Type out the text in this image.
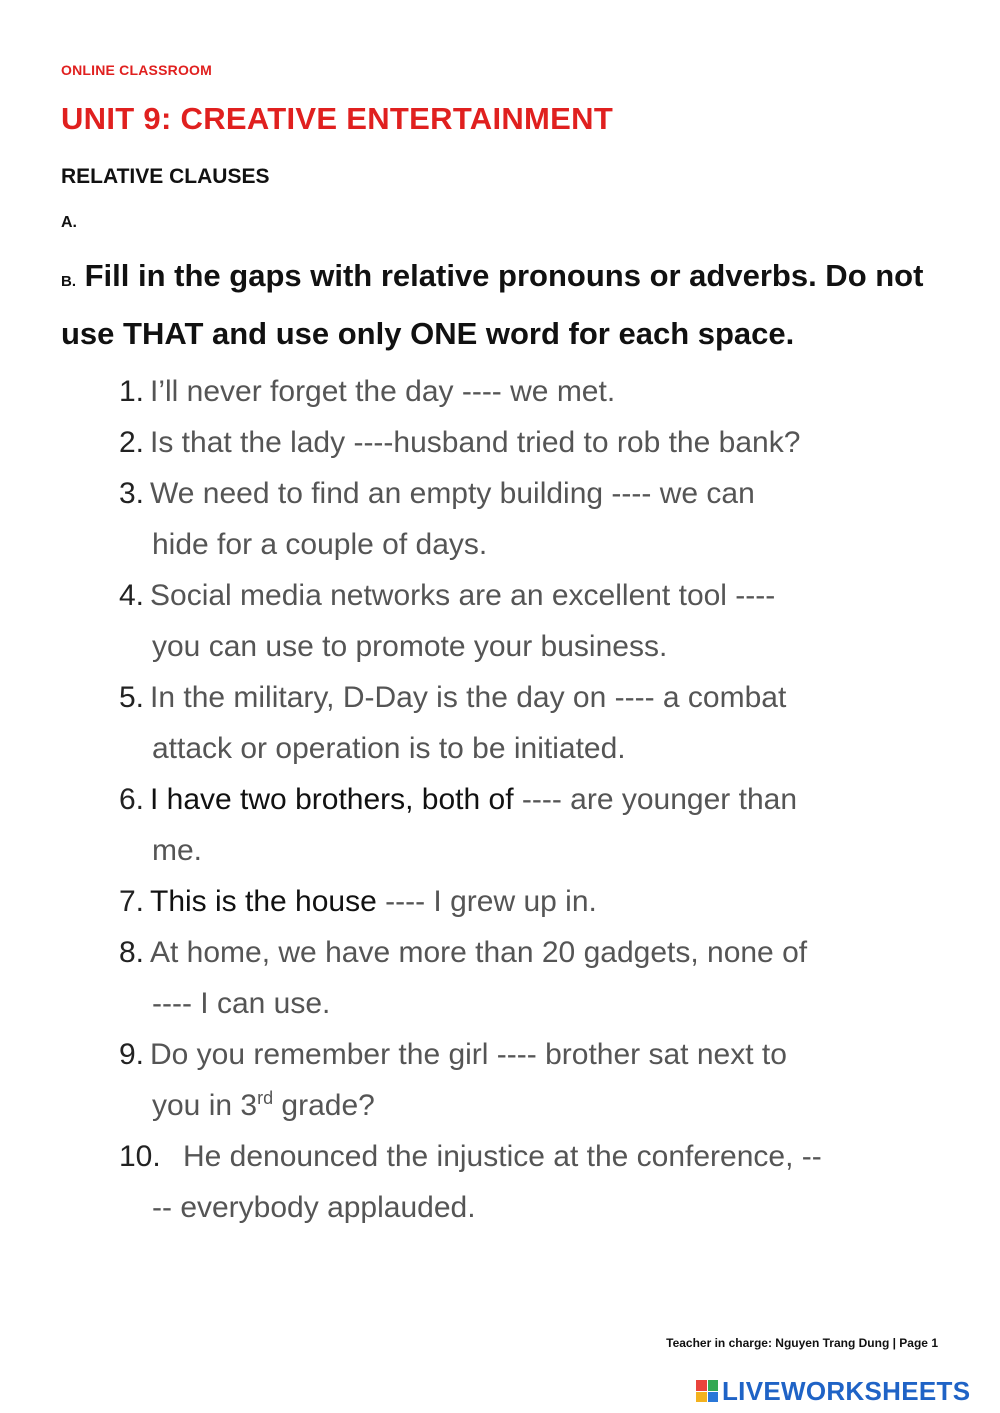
ONLINE CLASSROOM
UNIT 9: CREATIVE ENTERTAINMENT
RELATIVE CLAUSES
A.
B. Fill in the gaps with relative pronouns or adverbs. Do not use THAT and use only ONE word for each space.
1. I’ll never forget the day ---- we met.
2. Is that the lady ----husband tried to rob the bank?
3. We need to find an empty building ---- we can
hide for a couple of days.
4. Social media networks are an excellent tool ----
you can use to promote your business.
5. In the military, D-Day is the day on ---- a combat
attack or operation is to be initiated.
6. I have two brothers, both of ---- are younger than
me.
7. This is the house ---- I grew up in.
8. At home, we have more than 20 gadgets, none of
---- I can use.
9. Do you remember the girl ---- brother sat next to
you in 3rd grade?
10. He denounced the injustice at the conference, --
-- everybody applauded.
Teacher in charge: Nguyen Trang Dung | Page 1
LIVEWORKSHEETS
